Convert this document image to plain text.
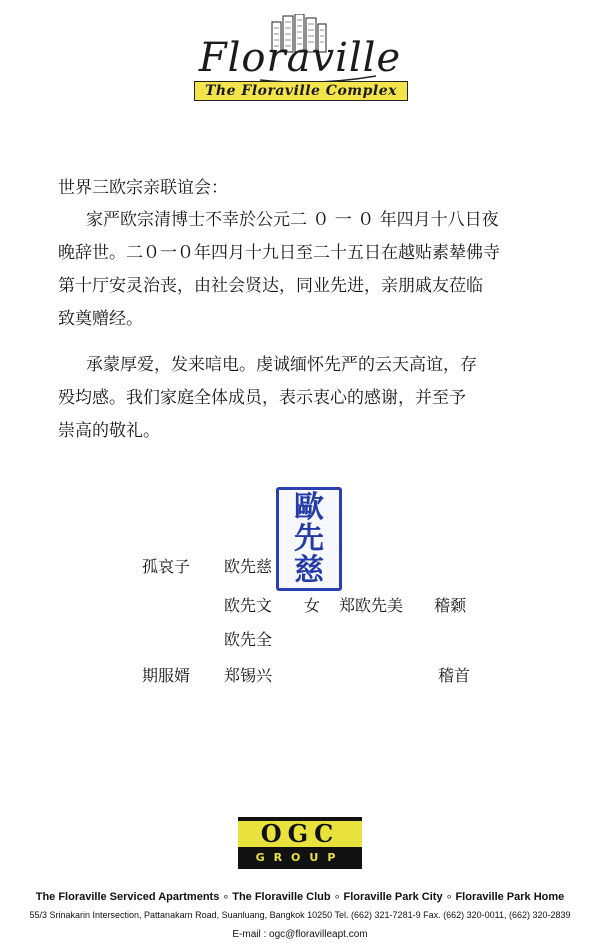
Floraville
The Floraville Complex
世界三欧宗亲联谊会：
家严欧宗清博士不幸於公元二 ０ 一 ０ 年四月十八日夜
晚辞世。二０一０年四月十九日至二十五日在越贴素辇佛寺
第十厅安灵治丧，由社会贤达，同业先进，亲朋戚友莅临
致奠赠经。
承蒙厚爱，发来唁电。虔诚缅怀先严的云天高谊，存
殁均感。我们家庭全体成员，表示衷心的感谢，并至予
崇高的敬礼。
歐
先
慈
孤哀子 欧先慈
欧先文 女 郑欧先美 稽颡
欧先全
期服婿 郑锡兴	稽首
OGC
GROUP
The Floraville Serviced Apartments ∘ The Floraville Club ∘ Floraville Park City ∘ Floraville Park Home
55/3 Srinakarin Intersection, Pattanakarn Road, Suanluang, Bangkok 10250 Tel. (662) 321-7281-9 Fax. (662) 320-0011, (662) 320-2839
E-mail : ogc@floravilleapt.com
